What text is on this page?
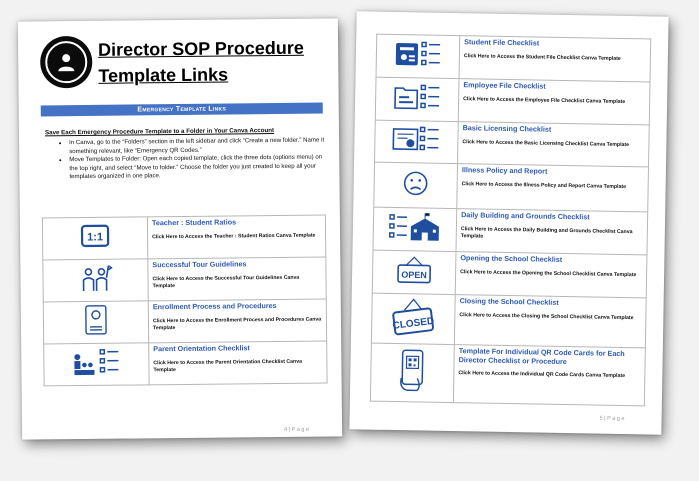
Director SOP Procedure
Template Links
Emergency Template Links
Save Each Emergency Procedure Template to a Folder in Your Canva Account
• In Canva, go to the “Folders” section in the left sidebar and click “Create a new folder.” Name it something relevant, like “Emergency QR Codes.”
• Move Templates to Folder: Open each copied template, click the three dots (options menu) on the top right, and select “Move to folder.” Choose the folder you just created to keep all your templates organized in one place.
1:1	Teacher : Student Ratios
Click Here to Access the Teacher : Student Ratios Canva Template

Successful Tour Guidelines
Click Here to Access the Successful Tour Guidelines Canva Template

Enrollment Process and Procedures
Click Here to Access the Enrollment Process and Procedures Canva Template

Parent Orientation Checklist
Click Here to Access the Parent Orientation Checklist Canva Template
4 | P a g e

Student File Checklist
Click Here to Access the Student File Checklist Canva Template

Employee File Checklist
Click Here to Access the Employee File Checklist Canva Template

Basic Licensing Checklist
Click Here to Access the Basic Licensing Checklist Canva Template

Illness Policy and Report
Click Here to Access the Illness Policy and Report Canva Template

Daily Building and Grounds Checklist
Click Here to Access the Daily Building and Grounds Checklist Canva Template

OPEN	Opening the School Checklist
Click Here to Access the Opening the School Checklist Canva Template

CLOSED	Closing the School Checklist
Click Here to Access the Closing the School Checklist Canva Template

Template For Individual QR Code Cards for Each Director Checklist or Procedure
Click Here to Access the Individual QR Code Cards Canva Template
5 | P a g e
